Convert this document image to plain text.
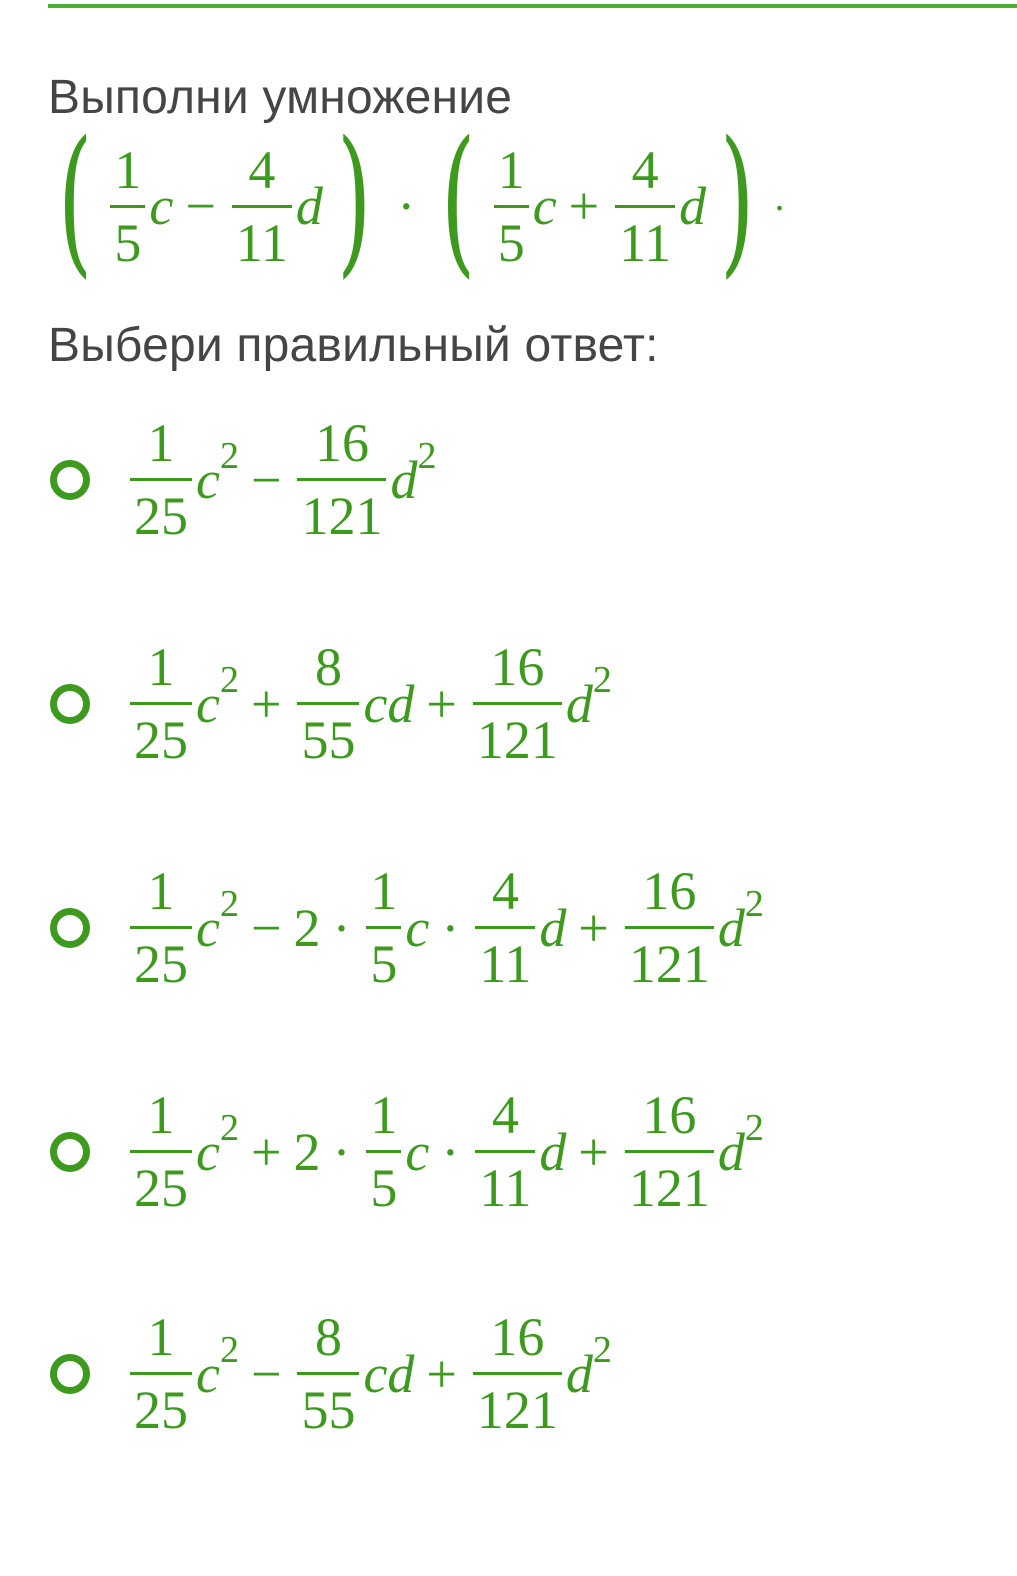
Выполни умножение
( $\frac{1}{5}$ $c - \frac{4}{11}$ d ) · ( $\frac{1}{5}$ $c + \frac{4}{11}$ d ) .
Выбери правильный ответ:
$\frac{1}{25} c^2 - \frac{16}{121} d^2$
$\frac{1}{25} c^2 + \frac{8}{55}$ cd + $\frac{16}{121} d^2$
$\frac{1}{25} c^2 - 2 \cdot \frac{1}{5}$ $c \cdot \frac{4}{11}$ $d + \frac{16}{121} d^2$
$\frac{1}{25} c^2 + 2 \cdot \frac{1}{5}$ $c \cdot \frac{4}{11}$ $d + \frac{16}{121} d^2$
$\frac{1}{25} c^2 - \frac{8}{55}$ cd + $\frac{16}{121} d^2$
